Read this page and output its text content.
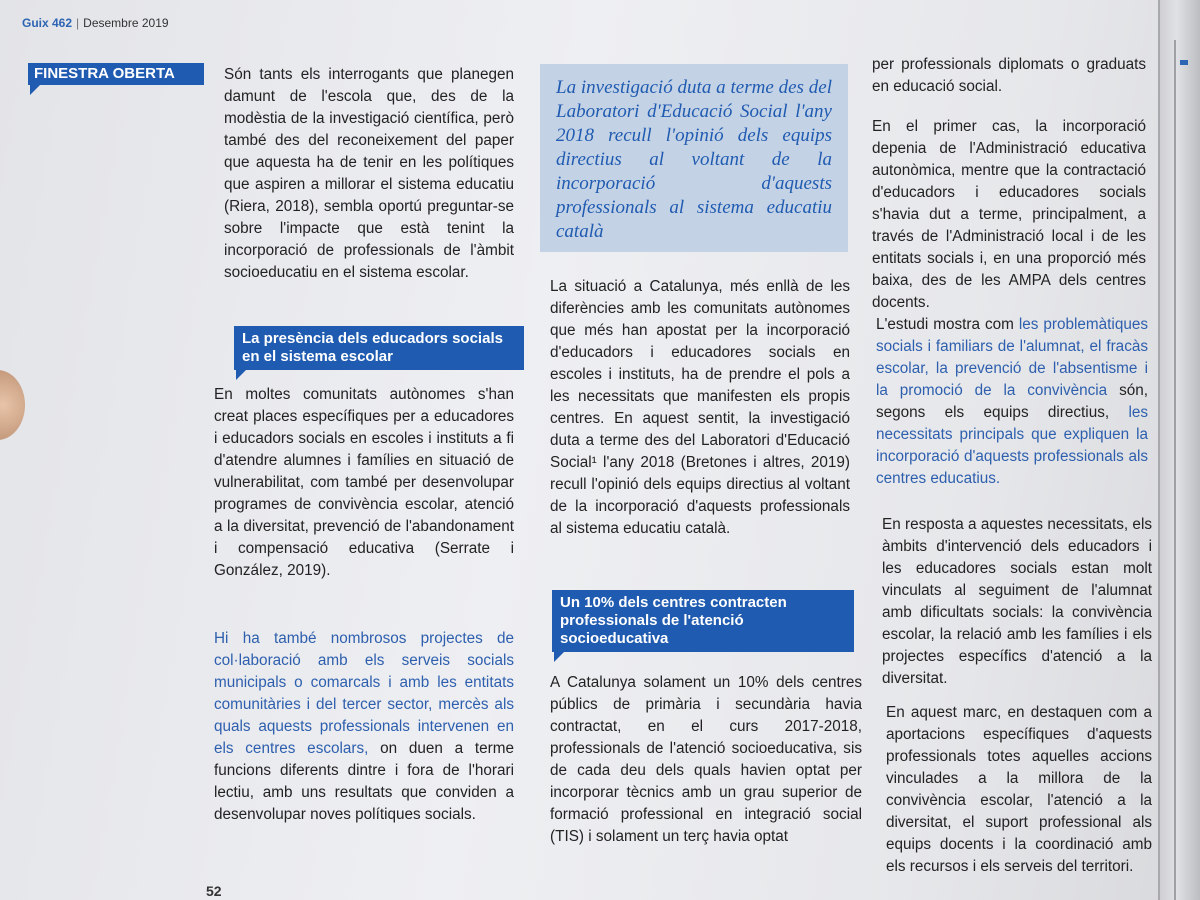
Guix 462 | Desembre 2019
FINESTRA OBERTA	Són tants els interrogants que planegen damunt de l'escola que, des de la modèstia de la investigació científica, però també des del reconeixement del paper que aquesta ha de tenir en les polítiques que aspiren a millorar el sistema educatiu (Riera, 2018), sembla oportú preguntar-se sobre l'impacte que està tenint la incorporació de professionals de l'àmbit socioeducatiu en el sistema escolar.

La presència dels educadors socials en el sistema escolar

En moltes comunitats autònomes s'han creat places específiques per a educadores i educadors socials en escoles i instituts a fi d'atendre alumnes i famílies en situació de vulnerabilitat, com també per desenvolupar programes de convivència escolar, atenció a la diversitat, prevenció de l'abandonament i compensació educativa (Serrate i González, 2019).

Hi ha també nombrosos projectes de col·laboració amb els serveis socials municipals o comarcals i amb les entitats comunitàries i del tercer sector, mercès als quals aquests professionals intervenen en els centres escolars, on duen a terme funcions diferents dintre i fora de l'horari lectiu, amb uns resultats que conviden a desenvolupar noves polítiques socials.

La investigació duta a terme des del Laboratori d'Educació Social l'any 2018 recull l'opinió dels equips directius al voltant de la incorporació d'aquests professionals al sistema educatiu català

La situació a Catalunya, més enllà de les diferències amb les comunitats autònomes que més han apostat per la incorporació d'educadors i educadores socials en escoles i instituts, ha de prendre el pols a les necessitats que manifesten els propis centres. En aquest sentit, la investigació duta a terme des del Laboratori d'Educació Social¹ l'any 2018 (Bretones i altres, 2019) recull l'opinió dels equips directius al voltant de la incorporació d'aquests professionals al sistema educatiu català.

Un 10% dels centres contracten professionals de l'atenció socioeducativa

A Catalunya solament un 10% dels centres públics de primària i secundària havia contractat, en el curs 2017-2018, professionals de l'atenció socioeducativa, sis de cada deu dels quals havien optat per incorporar tècnics amb un grau superior de formació professional en integració social (TIS) i solament un terç havia optat

per professionals diplomats o graduats en educació social.

En el primer cas, la incorporació depenia de l'Administració educativa autonòmica, mentre que la contractació d'educadors i educadores socials s'havia dut a terme, principalment, a través de l'Administració local i de les entitats socials i, en una proporció més baixa, des de les AMPA dels centres docents.

L'estudi mostra com les problemàtiques socials i familiars de l'alumnat, el fracàs escolar, la prevenció de l'absentisme i la promoció de la convivència són, segons els equips directius, les necessitats principals que expliquen la incorporació d'aquests professionals als centres educatius.

En resposta a aquestes necessitats, els àmbits d'intervenció dels educadors i les educadores socials estan molt vinculats al seguiment de l'alumnat amb dificultats socials: la convivència escolar, la relació amb les famílies i els projectes específics d'atenció a la diversitat.

En aquest marc, en destaquen com a aportacions específiques d'aquests professionals totes aquelles accions vinculades a la millora de la convivència escolar, l'atenció a la diversitat, el suport professional als equips docents i la coordinació amb els recursos i els serveis del territori.

52
